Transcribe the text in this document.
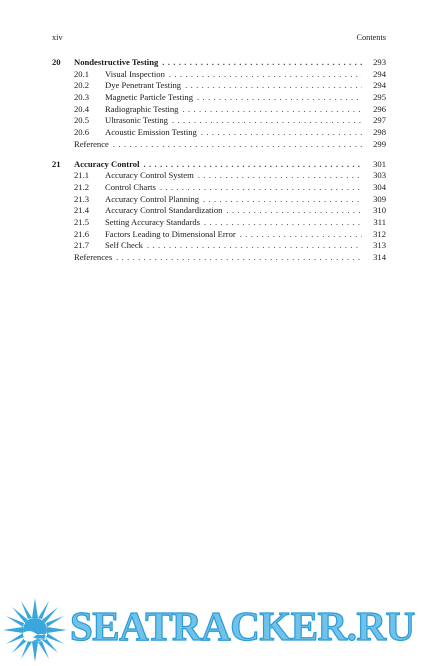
xiv	Contents
20	Nondestructive Testing . . .	293
20.1	Visual Inspection . . .	294
20.2	Dye Penetrant Testing . . .	294
20.3	Magnetic Particle Testing . . .	295
20.4	Radiographic Testing . . .	296
20.5	Ultrasonic Testing . . .	297
20.6	Acoustic Emission Testing . . .	298
Reference . . .	299
21	Accuracy Control . . .	301
21.1	Accuracy Control System . . .	303
21.2	Control Charts . . .	304
21.3	Accuracy Control Planning . . .	309
21.4	Accuracy Control Standardization . . .	310
21.5	Setting Accuracy Standards . . .	311
21.6	Factors Leading to Dimensional Error . . .	312
21.7	Self Check . . .	313
References . . .	314
SEATRACKER.RU
